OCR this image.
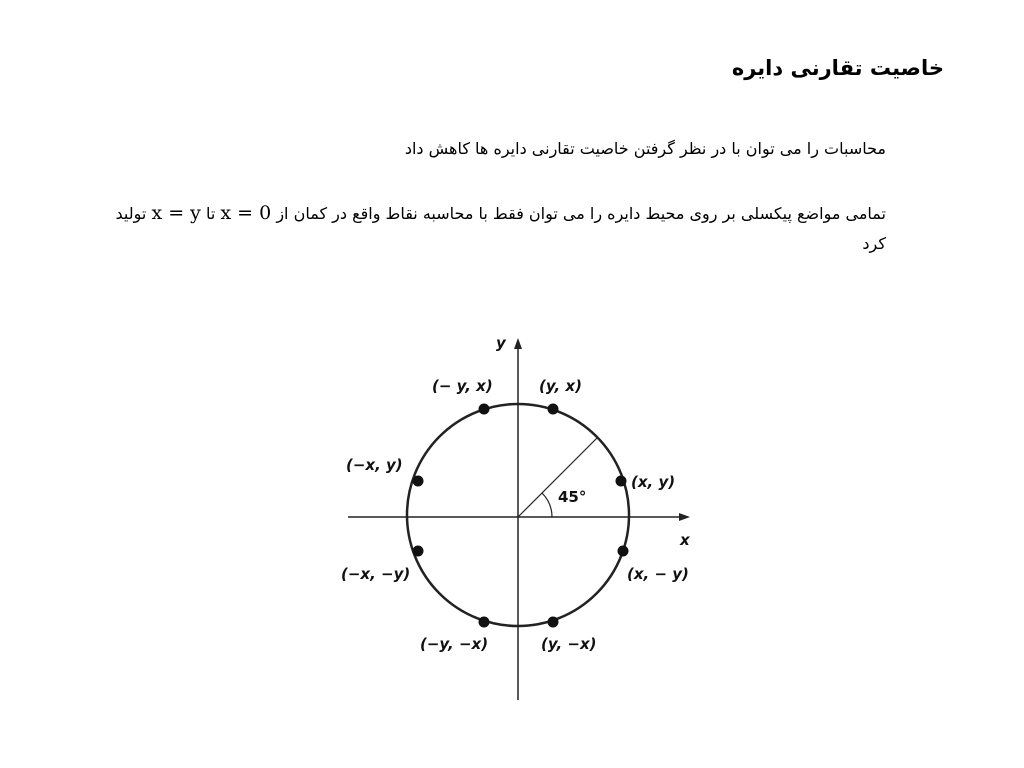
خاصیت تقارنی دایره

محاسبات را می توان با در نظر گرفتن خاصیت تقارنی دایره ها کاهش داد

تمامی مواضع پیکسلی بر روی محیط دایره را می توان فقط با محاسبه نقاط واقع در کمان از x = 0 تا x = y تولید کرد

y
x
45°
(y, x)
(− y, x)
(x, y)
(−x, y)
(x, − y)
(−x, −y)
(y, −x)
(−y, −x)
